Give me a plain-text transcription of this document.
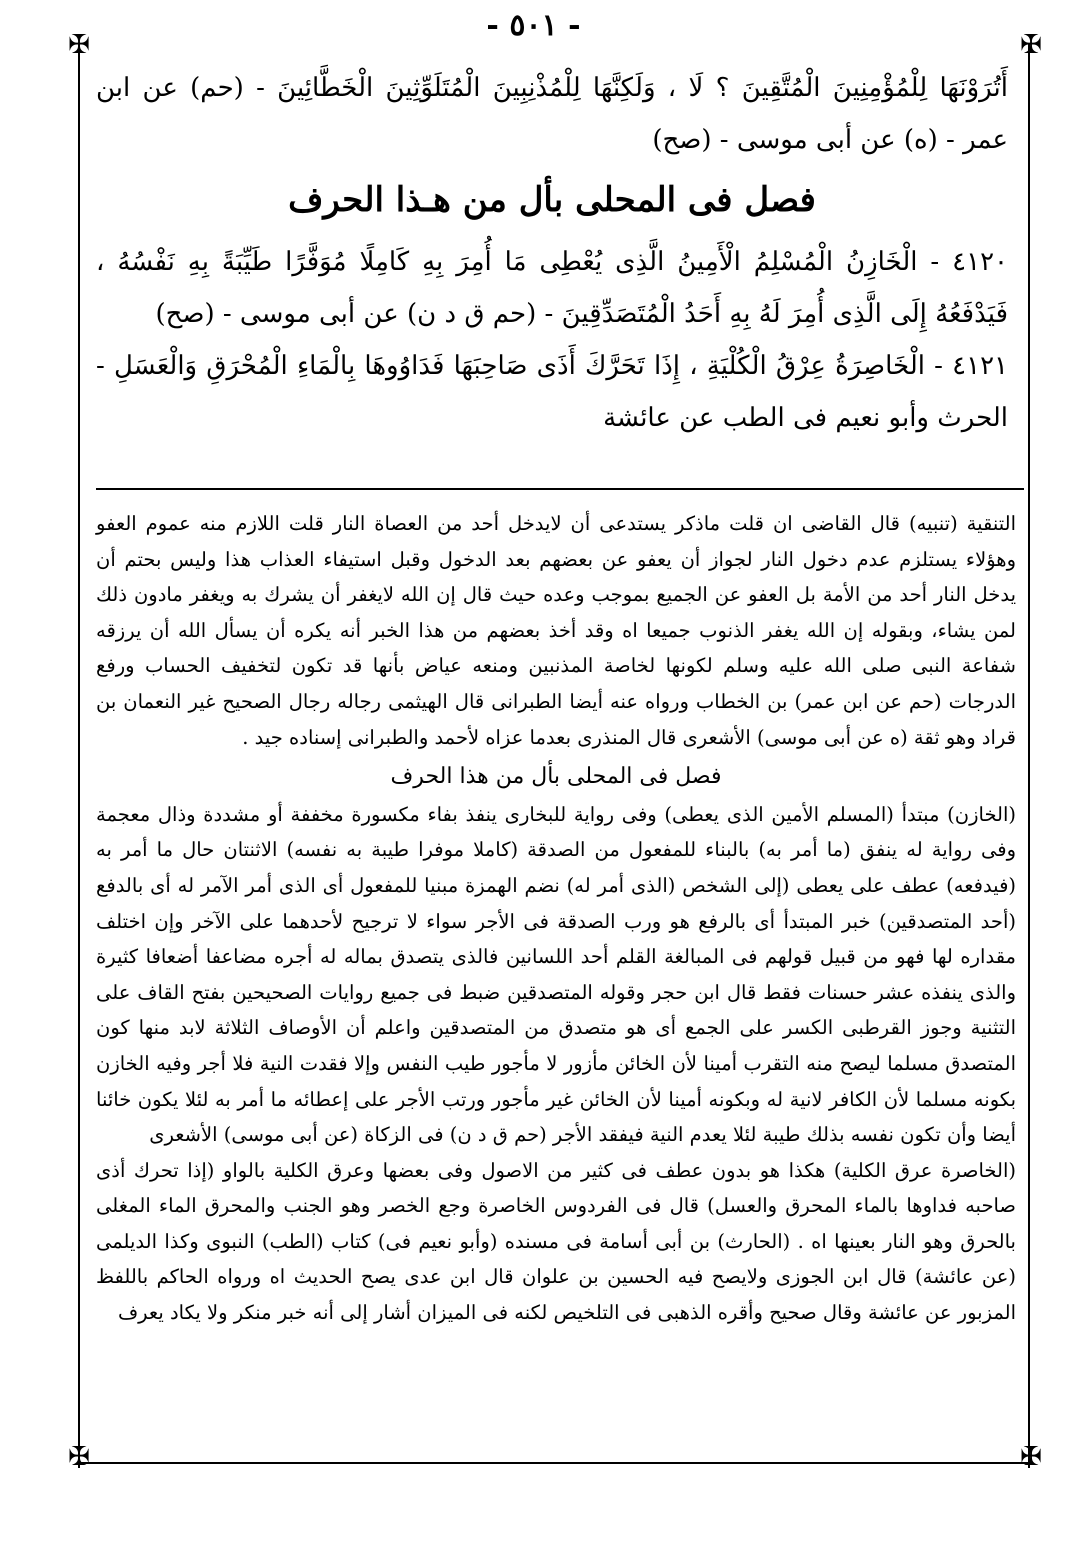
- ٥٠١ -
✠	✠
✠	✠

أَتُرَوْنَهَا لِلْمُؤْمِنِينَ الْمُتَّقِينَ ؟ لَا ، وَلَكِنَّهَا لِلْمُذْنِبِينَ الْمُتَلَوِّثِينَ الْخَطَّائِينَ - (حم) عن ابن عمر - (ه) عن أبى موسى - (صح)

فصل فى المحلى بأل من هـذا الحرف

٤١٢٠ - الْخَازِنُ الْمُسْلِمُ الْأَمِينُ الَّذِى يُعْطِى مَا أُمِرَ بِهِ كَامِلًا مُوَفَّرًا طَيِّبَةً بِهِ نَفْسُهُ ، فَيَدْفَعُهُ إِلَى الَّذِى أُمِرَ لَهُ بِهِ أَحَدُ الْمُتَصَدِّقِينَ - (حم ق د ن) عن أبى موسى - (صح)

٤١٢١ - الْخَاصِرَةُ عِرْقُ الْكُلْيَةِ ، إِذَا تَحَرَّكَ أَذَى صَاحِبَهَا فَدَاوُوهَا بِالْمَاءِ الْمُحْرَقِ وَالْعَسَلِ - الحرث وأبو نعيم فى الطب عن عائشة

التنقية (تنبيه) قال القاضى ان قلت ماذكر يستدعى أن لايدخل أحد من العصاة النار قلت اللازم منه عموم العفو وهؤلاء يستلزم عدم دخول النار لجواز أن يعفو عن بعضهم بعد الدخول وقبل استيفاء العذاب هذا وليس بحتم أن يدخل النار أحد من الأمة بل العفو عن الجميع بموجب وعده حيث قال إن الله لايغفر أن يشرك به ويغفر مادون ذلك لمن يشاء، وبقوله إن الله يغفر الذنوب جميعا اه وقد أخذ بعضهم من هذا الخبر أنه يكره أن يسأل الله أن يرزقه شفاعة النبى صلى الله عليه وسلم لكونها لخاصة المذنبين ومنعه عياض بأنها قد تكون لتخفيف الحساب ورفع الدرجات (حم عن ابن عمر) بن الخطاب ورواه عنه أيضا الطبرانى قال الهيثمى رجاله رجال الصحيح غير النعمان بن قراد وهو ثقة (ه عن أبى موسى) الأشعرى قال المنذرى بعدما عزاه لأحمد والطبرانى إسناده جيد .

فصل فى المحلى بأل من هذا الحرف

(الخازن) مبتدأ (المسلم الأمين الذى يعطى) وفى رواية للبخارى ينفذ بفاء مكسورة مخففة أو مشددة وذال معجمة وفى رواية له ينفق (ما أمر به) بالبناء للمفعول من الصدقة (كاملا موفرا طيبة به نفسه) الاثنتان حال ما أمر به (فيدفعه) عطف على يعطى (إلى الشخص (الذى أمر له) نضم الهمزة مبنيا للمفعول أى الذى أمر الآمر له أى بالدفع (أحد المتصدقين) خبر المبتدأ أى بالرفع هو ورب الصدقة فى الأجر سواء لا ترجيح لأحدهما على الآخر وإن اختلف مقداره لها فهو من قبيل قولهم فى المبالغة القلم أحد اللسانين فالذى يتصدق بماله له أجره مضاعفا أضعافا كثيرة والذى ينفذه عشر حسنات فقط قال ابن حجر وقوله المتصدقين ضبط فى جميع روايات الصحيحين بفتح القاف على التثنية وجوز القرطبى الكسر على الجمع أى هو متصدق من المتصدقين واعلم أن الأوصاف الثلاثة لابد منها كون المتصدق مسلما ليصح منه التقرب أمينا لأن الخائن مأزور لا مأجور طيب النفس وإلا فقدت النية فلا أجر وفيه الخازن بكونه مسلما لأن الكافر لانية له وبكونه أمينا لأن الخائن غير مأجور ورتب الأجر على إعطائه ما أمر به لئلا يكون خائنا أيضا وأن تكون نفسه بذلك طيبة لئلا يعدم النية فيفقد الأجر (حم ق د ن) فى الزكاة (عن أبى موسى) الأشعرى

(الخاصرة عرق الكلية) هكذا هو بدون عطف فى كثير من الاصول وفى بعضها وعرق الكلية بالواو (إذا تحرك أذى صاحبه فداوها بالماء المحرق والعسل) قال فى الفردوس الخاصرة وجع الخصر وهو الجنب والمحرق الماء المغلى بالحرق وهو النار بعينها اه . (الحارث) بن أبى أسامة فى مسنده (وأبو نعيم فى) كتاب (الطب) النبوى وكذا الديلمى (عن عائشة) قال ابن الجوزى ولايصح فيه الحسين بن علوان قال ابن عدى يصح الحديث اه ورواه الحاكم باللفظ المزبور عن عائشة وقال صحيح وأقره الذهبى فى التلخيص لكنه فى الميزان أشار إلى أنه خبر منكر ولا يكاد يعرف
